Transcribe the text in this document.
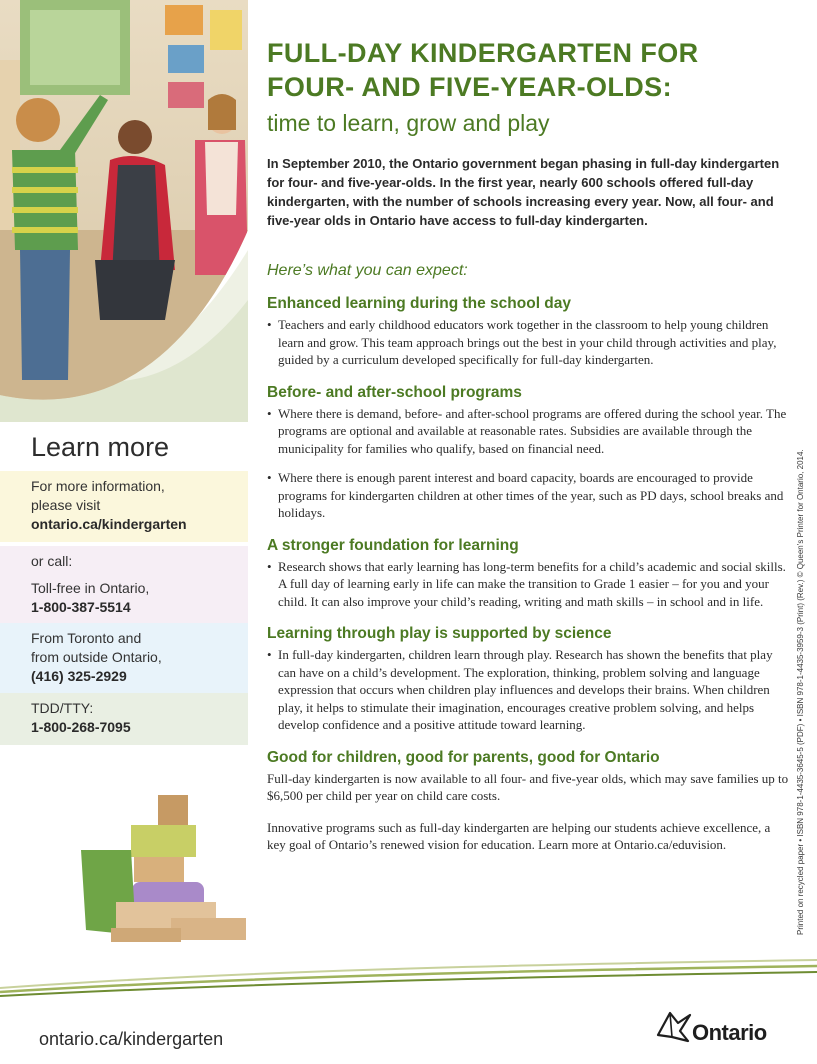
Learn more
For more information,
please visit
ontario.ca/kindergarten
or call:
Toll-free in Ontario,
1-800-387-5514
From Toronto and
from outside Ontario,
(416) 325-2929
TDD/TTY:
1-800-268-7095
FULL-DAY KINDERGARTEN FOR
FOUR- AND FIVE-YEAR-OLDS:

time to learn, grow and play

In September 2010, the Ontario government began phasing in full-day kindergarten for four- and five-year-olds. In the first year, nearly 600 schools offered full-day kindergarten, with the number of schools increasing every year. Now, all four- and five-year olds in Ontario have access to full-day kindergarten.

Here’s what you can expect:

Enhanced learning during the school day

• Teachers and early childhood educators work together in the classroom to help young children learn and grow. This team approach brings out the best in your child through activities and play, guided by a curriculum developed specifically for full-day kindergarten.

Before- and after-school programs

• Where there is demand, before- and after-school programs are offered during the school year. The programs are optional and available at reasonable rates. Subsidies are available through the municipality for families who qualify, based on financial need.

• Where there is enough parent interest and board capacity, boards are encouraged to provide programs for kindergarten children at other times of the year, such as PD days, school breaks and holidays.

A stronger foundation for learning

• Research shows that early learning has long-term benefits for a child’s academic and social skills. A full day of learning early in life can make the transition to Grade 1 easier – for you and your child. It can also improve your child’s reading, writing and math skills – in school and in life.

Learning through play is supported by science

• In full-day kindergarten, children learn through play. Research has shown the benefits that play can have on a child’s development. The exploration, thinking, problem solving and language expression that occurs when children play influences and develops their brains. When children play, it helps to stimulate their imagination, encourages creative problem solving, and helps develop confidence and a positive attitude toward learning.

Good for children, good for parents, good for Ontario

Full-day kindergarten is now available to all four- and five-year olds, which may save families up to $6,500 per child per year on child care costs.

Innovative programs such as full-day kindergarten are helping our students achieve excellence, a key goal of Ontario’s renewed vision for education. Learn more at Ontario.ca/eduvision.	Printed on recycled paper • ISBN 978-1-4435-3645-5 (PDF) • ISBN 978-1-4435-3959-3 (Print) (Rev.) © Queen’s Printer for Ontario, 2014.
ontario.ca/kindergarten	Ontario
